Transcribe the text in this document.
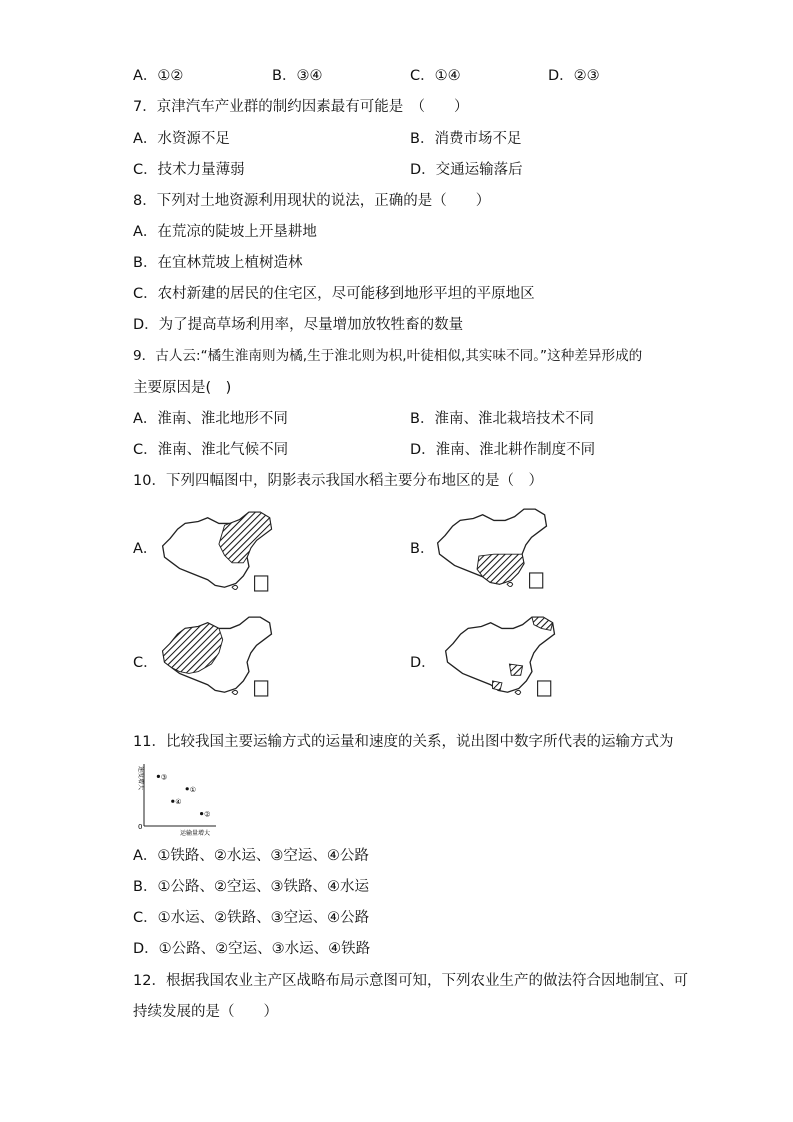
A．①②	B．③④	C．①④	D．②③
7．京津汽车产业群的制约因素最有可能是　（　　）
A．水资源不足	B．消费市场不足
C．技术力量薄弱	D．交通运输落后
8．下列对土地资源利用现状的说法，正确的是（　　）
A．在荒凉的陡坡上开垦耕地
B．在宜林荒坡上植树造林
C．农村新建的居民的住宅区，尽可能移到地形平坦的平原地区
D．为了提高草场利用率，尽量增加放牧牲畜的数量
9．古人云:“橘生淮南则为橘,生于淮北则为枳,叶徒相似,其实味不同。”这种差异形成的
主要原因是(　)
A．淮南、淮北地形不同	B．淮南、淮北栽培技术不同
C．淮南、淮北气候不同	D．淮南、淮北耕作制度不同
10．下列四幅图中，阴影表示我国水稻主要分布地区的是（　）
A．	B．
C．	D．
11．比较我国主要运输方式的运量和速度的关系，说出图中数字所代表的运输方式为
0
速度增大
运输量增大
③
①
④
②
A．①铁路、②水运、③空运、④公路
B．①公路、②空运、③铁路、④水运
C．①水运、②铁路、③空运、④公路
D．①公路、②空运、③水运、④铁路
12．根据我国农业主产区战略布局示意图可知，下列农业生产的做法符合因地制宜、可
持续发展的是（　　）
